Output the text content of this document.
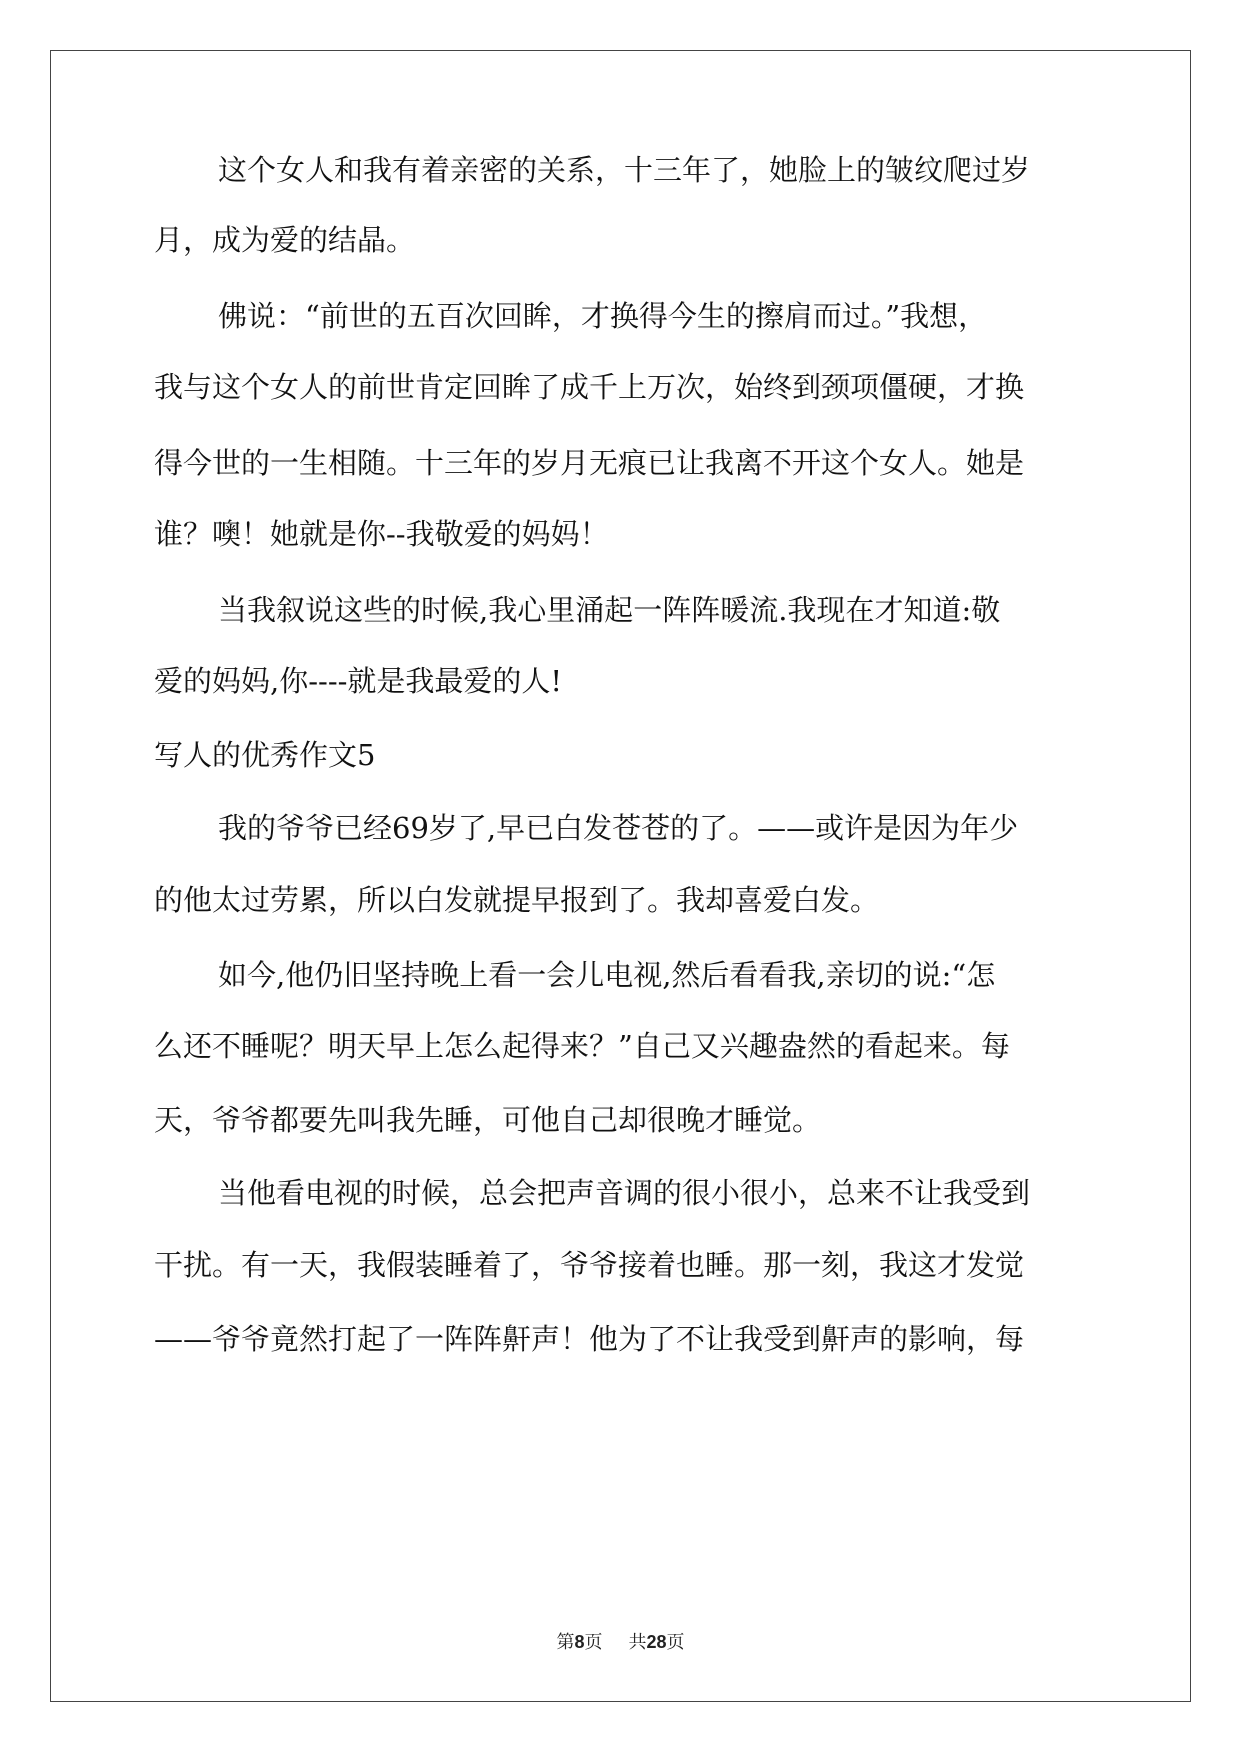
这个女人和我有着亲密的关系，十三年了，她脸上的皱纹爬过岁
月，成为爱的结晶。
佛说：“前世的五百次回眸，才换得今生的擦肩而过。”我想，
我与这个女人的前世肯定回眸了成千上万次，始终到颈项僵硬，才换
得今世的一生相随。十三年的岁月无痕已让我离不开这个女人。她是
谁？噢！她就是你--我敬爱的妈妈！
当我叙说这些的时候,我心里涌起一阵阵暖流.我现在才知道:敬
爱的妈妈,你----就是我最爱的人!
写人的优秀作文5
我的爷爷已经69岁了,早已白发苍苍的了。——或许是因为年少
的他太过劳累，所以白发就提早报到了。我却喜爱白发。
如今,他仍旧坚持晚上看一会儿电视,然后看看我,亲切的说:“怎
么还不睡呢？明天早上怎么起得来？”自己又兴趣盎然的看起来。每
天，爷爷都要先叫我先睡，可他自己却很晚才睡觉。
当他看电视的时候，总会把声音调的很小很小，总来不让我受到
干扰。有一天，我假装睡着了，爷爷接着也睡。那一刻，我这才发觉
——爷爷竟然打起了一阵阵鼾声！他为了不让我受到鼾声的影响，每
第8页 共28页
